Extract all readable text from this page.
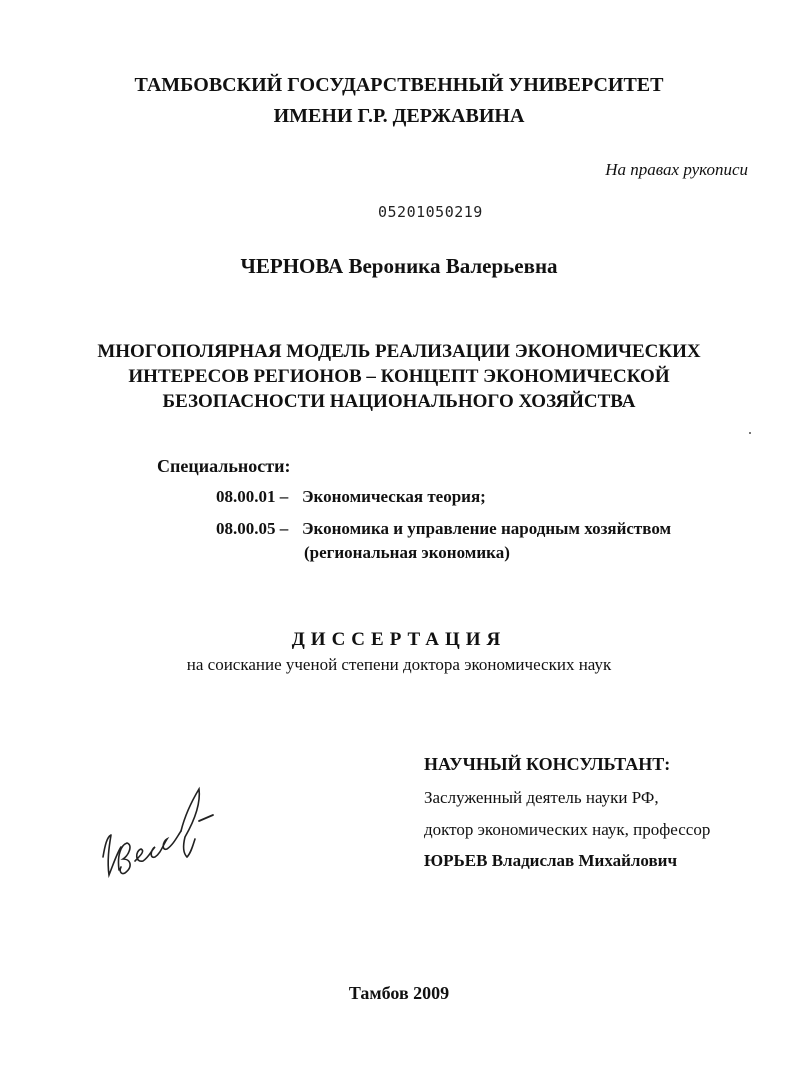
ТАМБОВСКИЙ ГОСУДАРСТВЕННЫЙ УНИВЕРСИТЕТ
ИМЕНИ Г.Р. ДЕРЖАВИНА
На правах рукописи
05201050219
ЧЕРНОВА Вероника Валерьевна
МНОГОПОЛЯРНАЯ МОДЕЛЬ РЕАЛИЗАЦИИ ЭКОНОМИЧЕСКИХ
ИНТЕРЕСОВ РЕГИОНОВ – КОНЦЕПТ ЭКОНОМИЧЕСКОЙ
БЕЗОПАСНОСТИ НАЦИОНАЛЬНОГО ХОЗЯЙСТВА
Специальности:
08.00.01 – Экономическая теория;
08.00.05 – Экономика и управление народным хозяйством
(региональная экономика)
ДИССЕРТАЦИЯ
на соискание ученой степени доктора экономических наук
НАУЧНЫЙ КОНСУЛЬТАНТ:
Заслуженный деятель науки РФ,
доктор экономических наук, профессор
ЮРЬЕВ Владислав Михайлович
Тамбов 2009
